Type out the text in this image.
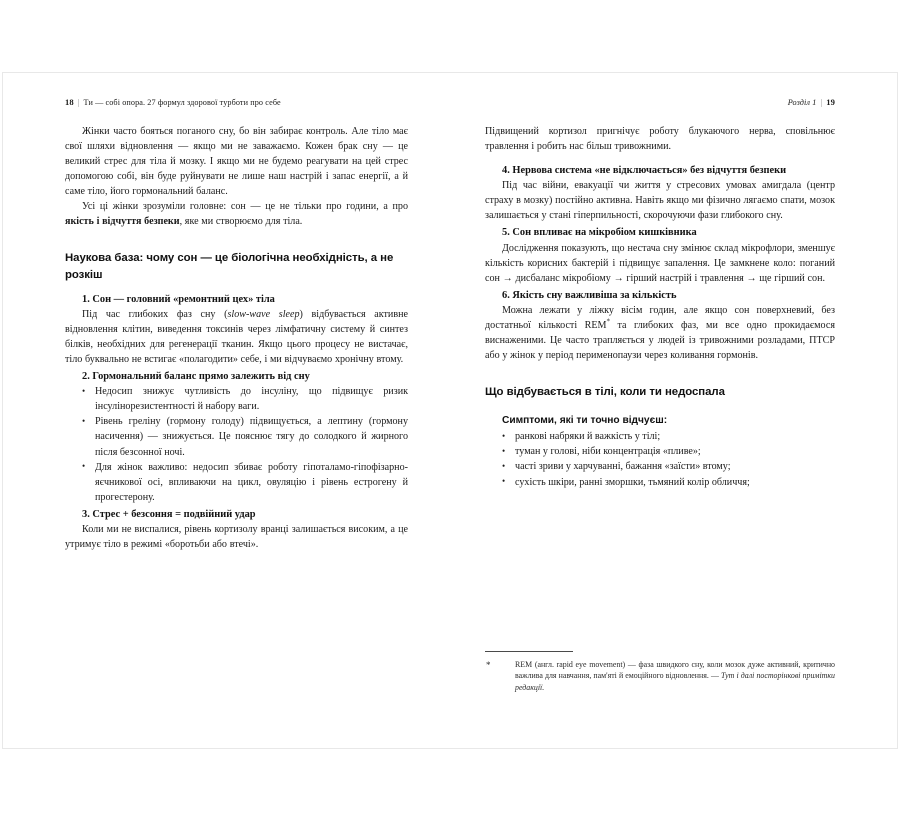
18 | Ти — собі опора. 27 формул здорової турботи про себе

Жінки часто бояться поганого сну, бо він забирає контроль. Але тіло має свої шляхи відновлення — якщо ми не заважаємо. Кожен брак сну — це великий стрес для тіла й мозку. І якщо ми не будемо реагувати на цей стрес допомогою собі, він буде руйнувати не лише наш настрій і запас енергії, а й саме тіло, його гормональний баланс.

Усі ці жінки зрозуміли головне: сон — це не тільки про години, а про якість і відчуття безпеки, яке ми створюємо для тіла.

Наукова база: чому сон — це біологічна необхідність, а не розкіш
1. Сон — головний «ремонтний цех» тіла

Під час глибоких фаз сну (slow-wave sleep) відбувається активне відновлення клітин, виведення токсинів через лімфатичну систему й синтез білків, необхідних для регенерації тканин. Якщо цього процесу не вистачає, тіло буквально не встигає «полагодити» себе, і ми відчуваємо хронічну втому.

2. Гормональний баланс прямо залежить від сну
• Недосип знижує чутливість до інсуліну, що підвищує ризик інсулінорезистентності й набору ваги.
• Рівень греліну (гормону голоду) підвищується, а лептину (гормону насичення) — знижується. Це пояснює тягу до солодкого й жирного після безсонної ночі.
• Для жінок важливо: недосип збиває роботу гіпоталамо-гіпофізарно-яєчникової осі, впливаючи на цикл, овуляцію і рівень естрогену й прогестерону.
3. Стрес + безсоння = подвійний удар

Коли ми не виспалися, рівень кортизолу вранці залишається високим, а це утримує тіло в режимі «боротьби або втечі».

Розділ 1 | 19

Підвищений кортизол пригнічує роботу блукаючого нерва, сповільнює травлення і робить нас більш тривожними.

4. Нервова система «не відключається» без відчуття безпеки

Під час війни, евакуації чи життя у стресових умовах амигдала (центр страху в мозку) постійно активна. Навіть якщо ми фізично лягаємо спати, мозок залишається у стані гіперпильності, скорочуючи фази глибокого сну.

5. Сон впливає на мікробіом кишківника

Дослідження показують, що нестача сну змінює склад мікрофлори, зменшує кількість корисних бактерій і підвищує запалення. Це замкнене коло: поганий сон → дисбаланс мікробіому → гірший настрій і травлення → ще гірший сон.

6. Якість сну важливіша за кількість

Можна лежати у ліжку вісім годин, але якщо сон поверхневий, без достатньої кількості REM* та глибоких фаз, ми все одно прокидаємося виснаженими. Це часто трапляється у людей із тривожними розладами, ПТСР або у жінок у період перименопаузи через коливання гормонів.

Що відбувається в тілі, коли ти недоспала
Симптоми, які ти точно відчуєш:
• ранкові набряки й важкість у тілі;
• туман у голові, ніби концентрація «пливе»;
• часті зриви у харчуванні, бажання «заїсти» втому;
• сухість шкіри, ранні зморшки, тьмяний колір обличчя;
*	REM (англ. rapid eye movement) — фаза швидкого сну, коли мозок дуже активний, критично важлива для навчання, пам'яті й емоційного відновлення. — Тут і далі посторінкові примітки редакції.
